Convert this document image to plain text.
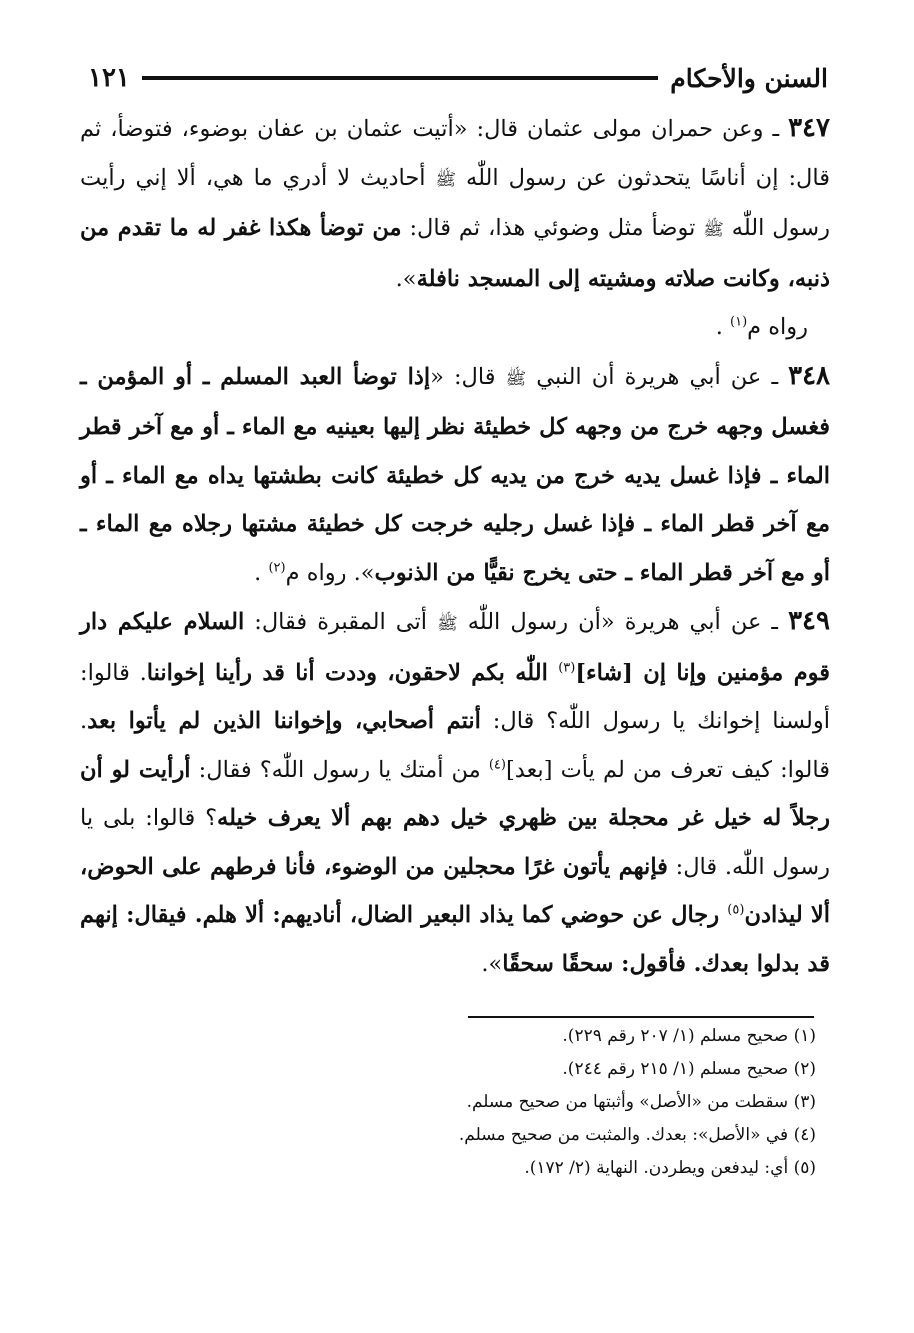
السنن والأحكام
١٢١

٣٤٧ ـ وعن حمران مولى عثمان قال: «أتيت عثمان بن عفان بوضوء، فتوضأ، ثم قال: إن أناسًا يتحدثون عن رسول اللّٰه ﷺ أحاديث لا أدري ما هي، ألا إني رأيت رسول اللّٰه ﷺ توضأ مثل وضوئي هذا، ثم قال: من توضأ هكذا غفر له ما تقدم من ذنبه، وكانت صلاته ومشيته إلى المسجد نافلة».

رواه م$^{(١)}$ .

٣٤٨ ـ عن أبي هريرة أن النبي ﷺ قال: «إذا توضأ العبد المسلم ـ أو المؤمن ـ فغسل وجهه خرج من وجهه كل خطيئة نظر إليها بعينيه مع الماء ـ أو مع آخر قطر الماء ـ فإذا غسل يديه خرج من يديه كل خطيئة كانت بطشتها يداه مع الماء ـ أو مع آخر قطر الماء ـ فإذا غسل رجليه خرجت كل خطيئة مشتها رجلاه مع الماء ـ أو مع آخر قطر الماء ـ حتى يخرج نقيًّا من الذنوب». رواه م$^{(٢)}$ .

٣٤٩ ـ عن أبي هريرة «أن رسول اللّٰه ﷺ أتى المقبرة فقال: السلام عليكم دار قوم مؤمنين وإنا إن [شاء]$^{(٣)}$ اللّٰه بكم لاحقون، وددت أنا قد رأينا إخواننا. قالوا: أولسنا إخوانك يا رسول اللّٰه؟ قال: أنتم أصحابي، وإخواننا الذين لم يأتوا بعد. قالوا: كيف تعرف من لم يأت [بعد]$^{(٤)}$ من أمتك يا رسول اللّٰه؟ فقال: أرأيت لو أن رجلاً له خيل غر محجلة بين ظهري خيل دهم بهم ألا يعرف خيله؟ قالوا: بلى يا رسول اللّٰه. قال: فإنهم يأتون غرًا محجلين من الوضوء، فأنا فرطهم على الحوض، ألا ليذادن$^{(٥)}$ رجال عن حوضي كما يذاد البعير الضال، أناديهم: ألا هلم. فيقال: إنهم قد بدلوا بعدك. فأقول: سحقًا سحقًا».

(١) صحيح مسلم (١/ ٢٠٧ رقم ٢٢٩).
(٢) صحيح مسلم (١/ ٢١٥ رقم ٢٤٤).
(٣) سقطت من «الأصل» وأثبتها من صحيح مسلم.
(٤) في «الأصل»: بعدك. والمثبت من صحيح مسلم.
(٥) أي: ليدفعن ويطردن. النهاية (٢/ ١٧٢).
